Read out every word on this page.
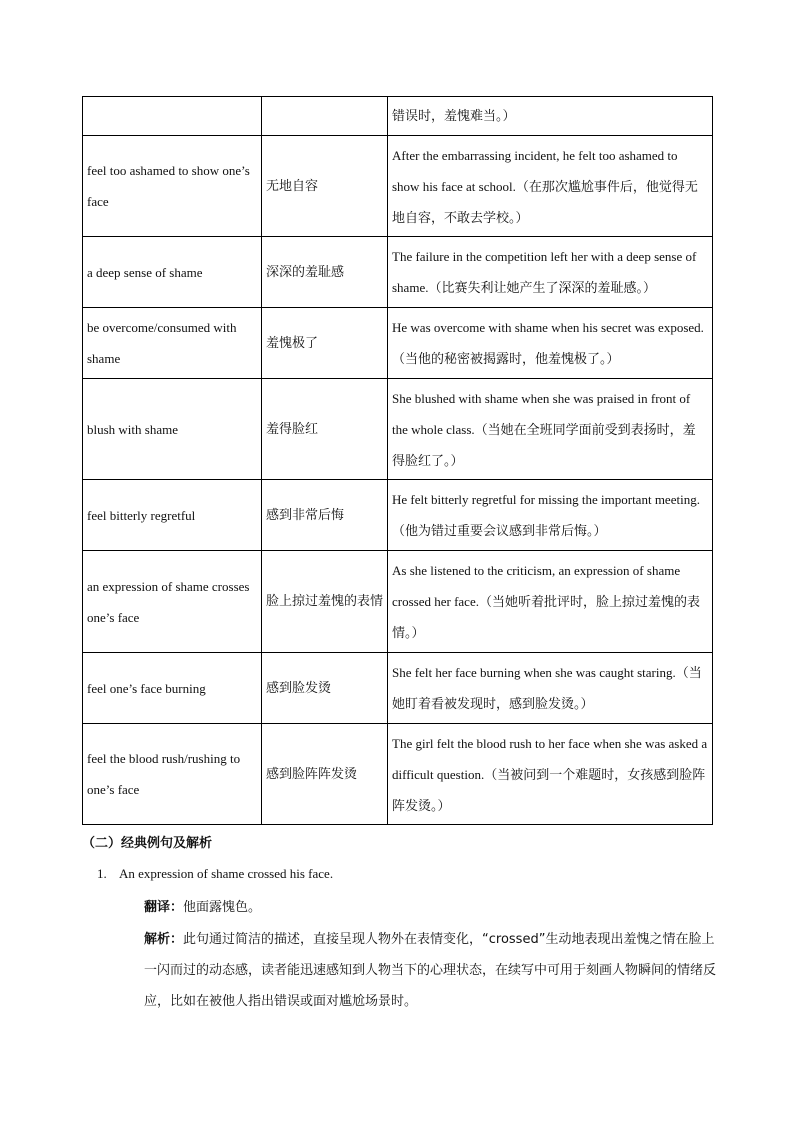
		错误时，羞愧难当。）
feel too ashamed to show one’s face	无地自容	After the embarrassing incident, he felt too ashamed to show his face at school.（在那次尴尬事件后，他觉得无地自容，不敢去学校。）
a deep sense of shame	深深的羞耻感	The failure in the competition left her with a deep sense of shame.（比赛失利让她产生了深深的羞耻感。）
be overcome/consumed with shame	羞愧极了	He was overcome with shame when his secret was exposed.（当他的秘密被揭露时，他羞愧极了。）
blush with shame	羞得脸红	She blushed with shame when she was praised in front of the whole class.（当她在全班同学面前受到表扬时，羞得脸红了。）
feel bitterly regretful	感到非常后悔	He felt bitterly regretful for missing the important meeting.（他为错过重要会议感到非常后悔。）
an expression of shame crosses one’s face	脸上掠过羞愧的表情	As she listened to the criticism, an expression of shame crossed her face.（当她听着批评时，脸上掠过羞愧的表情。）
feel one’s face burning	感到脸发烫	She felt her face burning when she was caught staring.（当她盯着看被发现时，感到脸发烫。）
feel the blood rush/rushing to one’s face	感到脸阵阵发烫	The girl felt the blood rush to her face when she was asked a difficult question.（当被问到一个难题时，女孩感到脸阵阵发烫。）
（二）经典例句及解析
1. An expression of shame crossed his face.
翻译：他面露愧色。
解析：此句通过简洁的描述，直接呈现人物外在表情变化，“crossed”生动地表现出羞愧之情在脸上一闪而过的动态感，读者能迅速感知到人物当下的心理状态，在续写中可用于刻画人物瞬间的情绪反应，比如在被他人指出错误或面对尴尬场景时。
